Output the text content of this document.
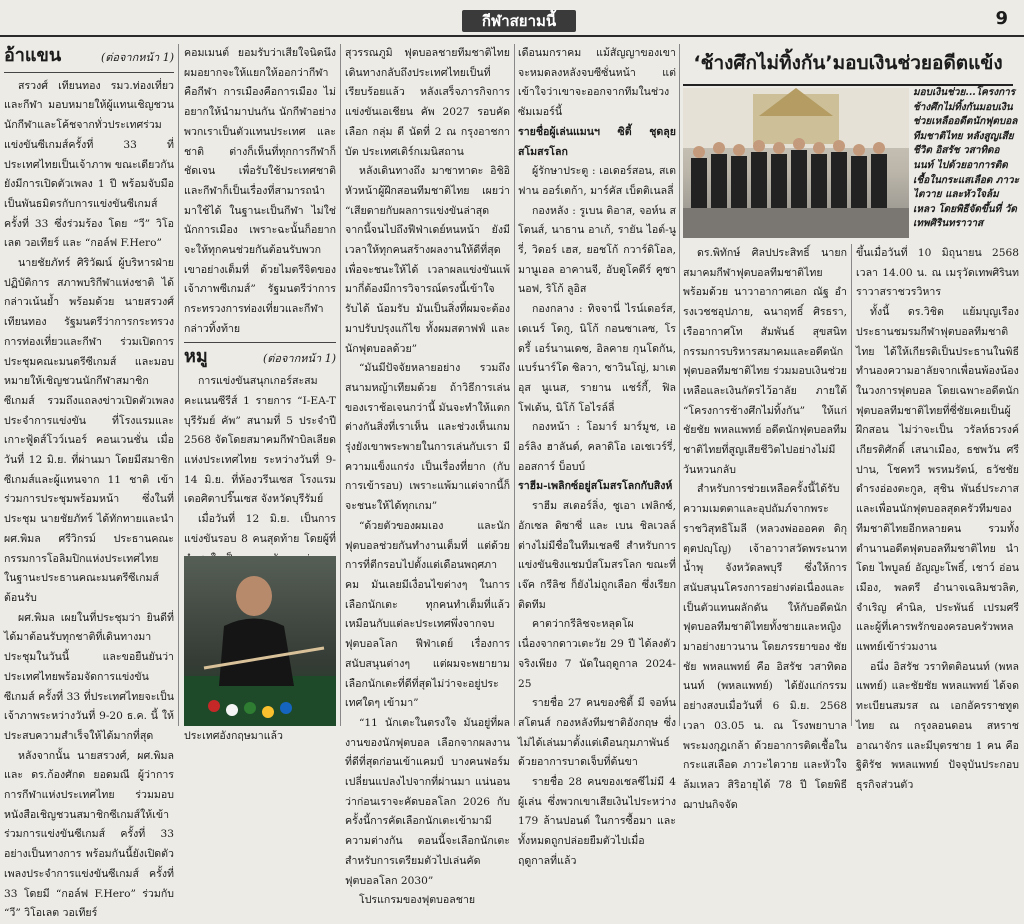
กีฬาสยามนี้	9
อ้าแขน	(ต่อจากหน้า 1)

สรวงศ์ เทียนทอง รมว.ท่องเที่ยวและกีฬา มอบหมายให้ผู้แทนเชิญชวนนักกีฬาและโค้ชจากทั่วประเทศร่วมแข่งขันซีเกมส์ครั้งที่ 33 ที่ประเทศไทยเป็นเจ้าภาพ ขณะเดียวกันยังมีการเปิดตัวเพลง 1 ปี พร้อมจับมือเป็นพันธมิตรกับการแข่งขันซีเกมส์ ครั้งที่ 33 ซึ่งร่วมร้อง โดย “วี” วิโอเลต วอเทียร์ และ “กอล์ฟ F.Hero”

นายชัยภัทร์ ศิริวัฒน์ ผู้บริหารฝ่ายปฏิบัติการ สภาพบริกีฬาแห่งชาติ ได้กล่าวเน้นย้ำ พร้อมด้วย นายสรวงศ์ เทียนทอง รัฐมนตรีว่าการกระทรวงการท่องเที่ยวและกีฬา ร่วมเปิดการประชุมคณะมนตรีซีเกมส์ และมอบหมายให้เชิญชวนนักกีฬาสมาชิกซีเกมส์ รวมถึงแถลงข่าวเปิดตัวเพลงประจำการแข่งขัน ที่โรงแรมและ เกาะฟู้ดส์โวว์เนอร์ คอนเวนชั่น เมื่อวันที่ 12 มิ.ย. ที่ผ่านมา โดยมีสมาชิกซีเกมส์และผู้แทนจาก 11 ชาติ เข้าร่วมการประชุมพร้อมหน้า ซึ่งในที่ประชุม นายชัยภัทร์ ได้ทักทายและนำ ผศ.พิมล ศรีวิกรม์ ประธานคณะกรรมการโอลิมปิกแห่งประเทศไทย ในฐานะประธานคณะมนตรีซีเกมส์ ต้อนรับ

ผศ.พิมล เผยในที่ประชุมว่า ยินดีที่ได้มาต้อนรับทุกชาติที่เดินทางมาประชุมในวันนี้ และขอยืนยันว่าประเทศไทยพร้อมจัดการแข่งขันซีเกมส์ ครั้งที่ 33 ที่ประเทศไทยจะเป็นเจ้าภาพระหว่างวันที่ 9-20 ธ.ค. นี้ ให้ประสบความสำเร็จให้ได้มากที่สุด

หลังจากนั้น นายสรวงศ์, ผศ.พิมล และ ดร.ก้องศักด ยอดมณี ผู้ว่าการการกีฬาแห่งประเทศไทย ร่วมมอบหนังสือเชิญชวนสมาชิกซีเกมส์ให้เข้าร่วมการแข่งขันซีเกมส์ ครั้งที่ 33 อย่างเป็นทางการ พร้อมกันนี้ยังเปิดตัวเพลงประจำการแข่งขันซีเกมส์ ครั้งที่ 33 โดยมี “กอล์ฟ F.Hero” ร่วมกับ “วี” วิโอเลต วอเทียร์

คอมเมนต์ ยอมรับว่าเสียใจนิดนึง ผมอยากจะให้แยกให้ออกว่ากีฬาคือกีฬา การเมืองคือการเมือง ไม่อยากให้นำมาปนกัน นักกีฬาอย่างพวกเราเป็นตัวแทนประเทศ และชาติ ต่างก็เห็นที่ทุกการกีฬาก็ชัดเจน เพื่อรับใช้ประเทศชาติ และกีฬาก็เป็นเรื่องที่สามารถนำมาใช้ได้ ในฐานะเป็นกีฬา ไม่ใช่นักการเมือง เพราะฉะนั้นก็อยากจะให้ทุกคนช่วยกันต้อนรับพวกเขาอย่างเต็มที่ ด้วยไมตรีจิตของเจ้าภาพซีเกมส์” รัฐมนตรีว่าการกระทรวงการท่องเที่ยวและกีฬา กล่าวทิ้งท้าย

หมู	(ต่อจากหน้า 1)

การแข่งขันสนุกเกอร์สะสมคะแนนซีรีส์ 1 รายการ “I-EA-T บุรีรัมย์ คัพ” สนามที่ 5 ประจำปี 2568 จัดโดยสมาคมกีฬาบิลเลียดแห่งประเทศไทย ระหว่างวันที่ 9-14 มิ.ย. ที่ห้องวรีนเซส โรงแรมเดอศิตาปริ๊นเซส จังหวัดบุรีรัมย์

เมื่อวันที่ 12 มิ.ย. เป็นการแข่งขันรอบ 8 คนสุดท้าย โดยผู้ที่ ประเทศอังกฤษมาแล้ว

สุวรรณภูมิ ฟุตบอลชายทีมชาติไทยเดินทางกลับถึงประเทศไทยเป็นที่เรียบร้อยแล้ว หลังเสร็จภารกิจการแข่งขันเอเชียน คัพ 2027 รอบคัดเลือก กลุ่ม ดี นัดที่ 2 ณ กรุงอาชกาบัต ประเทศเติร์กเมนิสถาน

หลังเดินทางถึง มาซาทาดะ อิชิอิ หัวหน้าผู้ฝึกสอนทีมชาติไทย เผยว่า “เสียดายกับผลการแข่งขันล่าสุด จากนี้จนไปถึงฟีฟ่าเดย์หนหน้า ยังมีเวลาให้ทุกคนสร้างผลงานให้ดีที่สุดเพื่อจะชนะให้ได้ เวลาผลแข่งขันแพ้มากี่ต้องมีการวิจารณ์ตรงนี้เข้าใจ รับได้ น้อมรับ มันเป็นสิ่งที่ผมจะต้องมาปรับปรุงแก้ไข ทั้งผมสตาฟฟ์ และนักฟุตบอลด้วย”

“มันมีปัจจัยหลายอย่าง รวมถึงสนามหญ้าเทียมด้วย ถ้าวิธีการเล่นของเราช้อเจนกว่านี้ มันจะทำให้แตกต่างกันสิ่งที่เราเห็น และช่วงเห็นเกมรุ่งยังเขาพระพายในการเล่นกับเรา มีความแข็งแกร่ง เป็นเรื่องที่ยาก (กับการเข้ารอบ) เพราะแพ้มาแต่จากนี้ก็จะชนะให้ได้ทุกเกม”

“ด้วยตัวของผมเอง และนักฟุตบอลช่วยกันทำงานเต็มที่ แต่ด้วยการที่ตีกรอบไปตั้งแต่เดือนพฤศภาคม มันเลยมีเงื่อนไขต่างๆ ในการเลือกนักเตะ ทุกคนทำเต็มที่แล้ว เหมือนกับแต่ละประเทศพึ่งจากจบฟุตบอลโลก ฟีฟ่าเดย์ เรื่องการสนับสนุนต่างๆ แต่ผมจะพยายามเลือกนักเตะที่ดีที่สุดไม่ว่าจะอยู่ประเทศใดๆ เข้ามา”

“11 นักเตะในตรงใจ มันอยู่ที่ผลงานของนักฟุตบอล เลือกจากผลงานที่ดีที่สุดก่อนเข้าแคมป์ บางคนฟอร์มเปลี่ยนแปลงไปจากที่ผ่านมา แน่นอนว่าก่อนเราจะคัดบอลโลก 2026 กับครั้งนี้การคัดเลือกนักเตะเข้ามามีความต่างกัน ตอนนี้จะเลือกนักเตะสำหรับการเตรียมตัวไปเล่นคัดฟุตบอลโลก 2030”

โปรแกรมของฟุตบอลชาย

เดือนมกราคม แม้สัญญาของเขาจะหมดลงหลังจบซีซั่นหน้า แต่เข้าใจว่าเขาจะออกจากทีมในช่วงซัมเมอร์นี้

รายชื่อผู้เล่นแมนฯ ซิตี้ ชุดลุยสโมสรโลก

ผู้รักษาประตู : เอเดอร์สอน, สเตฟาน ออร์เตก้า, มาร์คัส เบ็ตติเนลลี่

กองหลัง : รูเบน ดิอาส, จอห์น สโตนส์, นาธาน อาเก้, รายัน ไอต์-นูรี่, วิดอร์ เฮส, ยอชโก้ กวาร์ดิโอล, มานูเอล อาคานจี, อับดูโคดีร์ คูซานอฟ, ริโก้ ลูอิส

กองกลาง : ทิจจานี่ ไรน์เดอร์ส, เดเนร์ โดกู, นิโก้ กอนซาเลซ, โรดรี้ เอร์นานเดซ, อิลคาย กุนโดกัน, แบร์นาร์โด ซิลวา, ซาวินโญ่, มาเตอุส นูเนส, รายาน แชร์กี้, ฟิล โฟเด้น, นิโก้ โอไรล์ลี่

กองหน้า : โอมาร์ มาร์มูช, เออร์ลิง ฮาลันด์, คลาดิโอ เอเชเวร์รี่, ออสการ์ บ็อบบ์

ราฮีม-เพลิกซ์อยู่สโมสรโลกกับสิงห์

ราฮีม สเตอร์ลิ่ง, ชูเอา เฟลิกซ์, อักเซล ดิซาซี่ และ เบน ชิลเวลล์ ต่างไม่มีชื่อในทีมเชลซี สำหรับการแข่งขันชิงแชมป์สโมสรโลก ขณะที่ เจ๊ค กรีลิช ก็ยังไม่ถูกเลือก ซึ่งเรียกติดทีม

คาตว่ากรีลิชจะหลุดโผ เนื่องจากดาวเตะวัย 29 ปี ได้ลงตัวจริงเพียง 7 นัดในฤดูกาล 2024-25

รายชื่อ 27 คนของซิตี้ มี จอห์น สโตนส์ กองหลังทีมชาติอังกฤษ ซึ่งไม่ได้เล่นมาตั้งแต่เดือนกุมภาพันธ์ด้วยอาการบาดเจ็บที่ต้นขา

รายชื่อ 28 คนของเชลซีไม่มี 4 ผู้เล่น ซึ่งพวกเขาเสียเงินไประหว่าง 179 ล้านปอนด์ ในการซื้อมา และทั้งหมดถูกปล่อยยืมตัวไปเมื่อฤดูกาลที่แล้ว

‘ช้างศึกไม่ทิ้งกัน’มอบเงินช่วยอดีตแข้ง
มอบเงินช่วย...โครงการช้างศึกไม่ทิ้งกันมอบเงินช่วยเหลืออดีตนักฟุตบอลทีมชาติไทย หลังสูญเสียชีวิต อิสรัช วสาทิดอนนท์ ไปด้วยอาการติดเชื้อในกระแสเลือด ภาวะไตวาย และหัวใจล้มเหลว โดยพิธีจัดขึ้นที่ วัดเทพศิรินทราวาส

ดร.พิทักษ์ ศิลปประสิทธิ์ นายกสมาคมกีฬาฟุตบอลทีมชาติไทย พร้อมด้วย นาวาอากาศเอก ณัฐ อำรงเวชชอุปภาย, ฉนาฤทธิ์ ศิรธรา, เรืออากาศโท สัมพันธ์ สุขสนิท กรรมการบริหารสมาคมและอดีตนักฟุตบอลทีมชาติไทย ร่วมมอบเงินช่วยเหลือและเงินกัตรไว้อาลัย ภายใต้ “โครงการช้างศึกไม่ทิ้งกัน” ให้แก่ ชัยชัย พหลแพทย์ อดีตนักฟุตบอลทีมชาติไทยที่สูญเสียชีวิตไปอย่างไม่มีวันหวนกลับ

สำหรับการช่วยเหลือครั้งนี้ได้รับความเมตตาและอุปถัมภ์จากพระราชวิสุทธิโมลี (หลวงพ่อออคต ดิกุตฺตปญฺโญ) เจ้าอาวาสวัดพระนาทน้ำพุ จังหวัดลพบุรี ซึ่งให้การสนับสนุนโครงการอย่างต่อเนื่องและเป็นตัวแทนผลักดัน ให้กับอดีตนักฟุตบอลทีมชาติไทยทั้งชายและหญิงมาอย่างยาวนาน โดยภรรยาของ ชัยชัย พหลแพทย์ คือ อิสรัช วสาทิดอนนท์ (พหลแพทย์) ได้ยังแก่กรรมอย่างสงบเมื่อวันที่ 6 มิ.ย. 2568 เวลา 03.05 น. ณ โรงพยาบาลพระมงกุฎเกล้า ด้วยอาการติดเชื้อในกระแสเลือด ภาวะไตวาย และหัวใจล้มเหลว สิริอายุได้ 78 ปี โดยพิธีฌาปนกิจจัด

ขึ้นเมื่อวันที่ 10 มิถุนายน 2568 เวลา 14.00 น. ณ เมรุวัดเทพศิรินทราวาสราชวรวิหาร

ทั้งนี้ ดร.วิชิต แย้มบุญเรือง ประธานชมรมกีฬาฟุตบอลทีมชาติไทย ได้ให้เกียรติเป็นประธานในพิธีทำนองความอาลัยจากเพื่อนพ้องน้องในวงการฟุตบอล โดยเฉพาะอดีตนักฟุตบอลทีมชาติไทยที่ซี่ชัยเคยเป็นผู้ฝึกสอน ไม่ว่าจะเป็น วรัลห์ธวรงค์ เกียรติศักดิ์ เสนาเมือง, ธชพวัน ศรีปาน, โชคทวี พรหมรัตน์, ธวัชชัย ดำรงอ่องตะกูล, สุชิน พันธ์ประภาส และเพื่อนนักฟุตบอลสุดครัวทีมของทีมชาติไทยอีกหลายคน รวมทั้งตำนานอดีตฟุตบอลทีมชาติไทย นำโดย ไพบูลย์ อัญญะโพธิ์, เชาว์ อ่อนเมือง, พลตรี อำนาจเฉลิมชวลิต, จำเริญ คำนิล, ประพันธ์ เปรมศรี และผู้ที่เคารพรักของครอบครัวพหลแพทย์เข้าร่วมงาน

อนึ่ง อิสรัช วราทิตติอนนท์ (พหลแพทย์) และชัยชัย พหลแพทย์ ได้จดทะเบียนสมรส ณ เอกอัครราชทูตไทย ณ กรุงลอนดอน สหราชอาณาจักร และมีบุตรชาย 1 คน คือ ฐิติรัช พหลแพทย์ ปัจจุบันประกอบธุรกิจส่วนตัว
